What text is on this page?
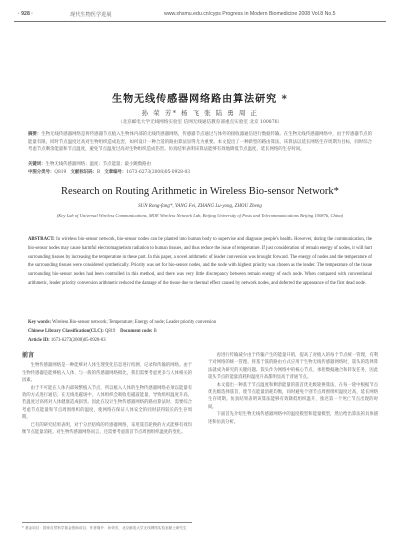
· 928 ·	现代生物医学进展	www.shsmu.edu.cn/cyps Progress in Modern Biomedicine 2008 Vol.8 No.5
生物无线传感器网络路由算法研究 *
孙 荣 芳* 杨 飞 张 陆 勇 周 正
（北京邮电大学无线网络实验室 信网无线通信教育部重点实验室 北京 100876）
摘要：生物无线传感器网络是将传感器节点植入生物体内部的无线传感器网络，传感器节点通过与体外的接收器通信进行数据传输。在生物无线传感器网络中，由于传感器节点的能量有限，同时节点温度过高对生物组织造成危害，如何设计一种合适的路由算法显得尤为重要。本文提出了一种新型的路由算法，该算法以延长网络生存周期为目标，同时综合考虑节点剩余能量和节点温度，避免节点温度过高对生物组织造成伤害。仿真结果表明该算法能够有效地降低节点温度，延长网络的生存时间。
关键词：生物无线传感器网络；温度；节点能量；最小跳数路由
中图分类号：Q819 文献标识码：B 文章编号：1673-6273(2008)05-0928-03
Research on Routing Arithmetic in Wireless Bio-sensor Network*
SUN Rong-fang*, YANG Fei, ZHANG Lu-yong, ZHOU Zheng
(Key Lab of Universal Wireless Communications, MOE Wireless Network Lab, Beijing University of Posts and Telecommunications Beijing 100876, China)
ABSTRACT: In wireless bio-sensor network, bio-sensor nodes can be planted into human body to supervise and diagnose people's health. However, during the communication, the bio-sensor nodes may cause harmful electromagnetism radiation to human tissues, and thus reduce the issue of temperature. If just consideration of remain energy of nodes, it will hurt surrounding tissues by increasing the temperature in these part. In this paper, a novel arithmetic of leader conversion was brought forward. The energy of nodes and the temperature of the surrounding tissues were considered synthetically. Priority was set for bio-sensor nodes, and the node with highest priority was chosen as the leader. The temperature of the tissue surrounding bio-sensor nodes had been controlled in this method, and there was very little discrepancy between remain energy of each node. When compared with conventional arithmetic, leader priority conversion arithmetic reduced the damage of the tissue due to thermal effect caused by network nodes, and deferred the appearance of the first dead node.
Key words: Wireless Bio-sensor network; Temperature; Energy of node; Leader priority conversion
Chinese Library Classification(CLC): Q819 Document code: B
Article ID: 1673-6273(2008)05-0928-03
前言

生物传感器网络是一种能够对人体生理变化信息进行检测、记录和传输的网络。由于生物传感器是能够植入人体、与一般的传感器网络相比，我们需要考虑更多与人体相关的因素。

由于不可能在人体内部频繁植入节点，所以植入人体的生物传感器网络必须以能量有效的方式进行通信；在无线电磁场中，人体组织会吸收电磁波能量，导致组织温度升高，若温度过高将对人体健康造成损害。因此在设计生物传感器网络的路由算法时，需要综合考虑节点能量和节点周围组织的温度，使网络在保证人体安全的同时获得较长的生存周期。

已有的研究结果表明，对于分层结构的传感器网络，采用簇首轮换的方式能够有效均衡节点能量消耗。对生物传感器网络而言，还需要考虑簇首节点周围组织温度的变化。

再进行传输减少由于传输产生的能量开销，提高了对植入的每个节点统一管理，有利于对网络的统一管理。将基于簇的路由方式应用于生物无线传感器网络时，簇头的选择算法就成为研究的关键问题。簇头作为网络中的核心节点，承担数据融合和转发任务，因此簇头节点的能量消耗和温度升高都明显高于普通节点。

本文提出一种基于节点温度和剩余能量的簇首优先级轮换算法，在每一轮中根据节点优先级选择簇首，使节点能量消耗均衡，同时避免个别节点周围组织温度过高，延长网络生存周期。仿真结果表明该算法能够有效降低组织温升，推迟第一个死亡节点出现的时间。

下面首先介绍生物无线传感器网络中的温度模型和能量模型，然后给出算法的具体描述和仿真分析。

* 基金项目：国家自然科学基金资助项目；作者简介：孙荣芳，北京邮电大学无线网络实验室硕士研究生
